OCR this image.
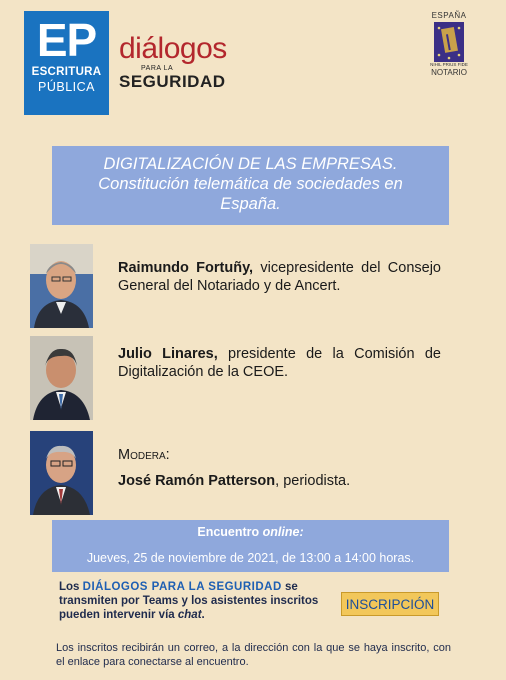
EP
ESCRITURA
PÚBLICA
diálogos
PARA LA
SEGURIDAD
ESPAÑA
NIHIL PRIUS FIDE
NOTARIO
DIGITALIZACIÓN DE LAS EMPRESAS.
Constitución telemática de sociedades en España.
Raimundo Fortuñy, vicepresidente del Consejo General del Notariado y de Ancert.
Julio Linares, presidente de la Comisión de Digitalización de la CEOE.
Modera:
José Ramón Patterson, periodista.
Encuentro online:
Jueves, 25 de noviembre de 2021, de 13:00 a 14:00 horas.
Los DIÁLOGOS PARA LA SEGURIDAD se transmiten por Teams y los asistentes inscritos pueden intervenir vía chat.
INSCRIPCIÓN
Los inscritos recibirán un correo, a la dirección con la que se haya inscrito, con el enlace para conectarse al encuentro.
